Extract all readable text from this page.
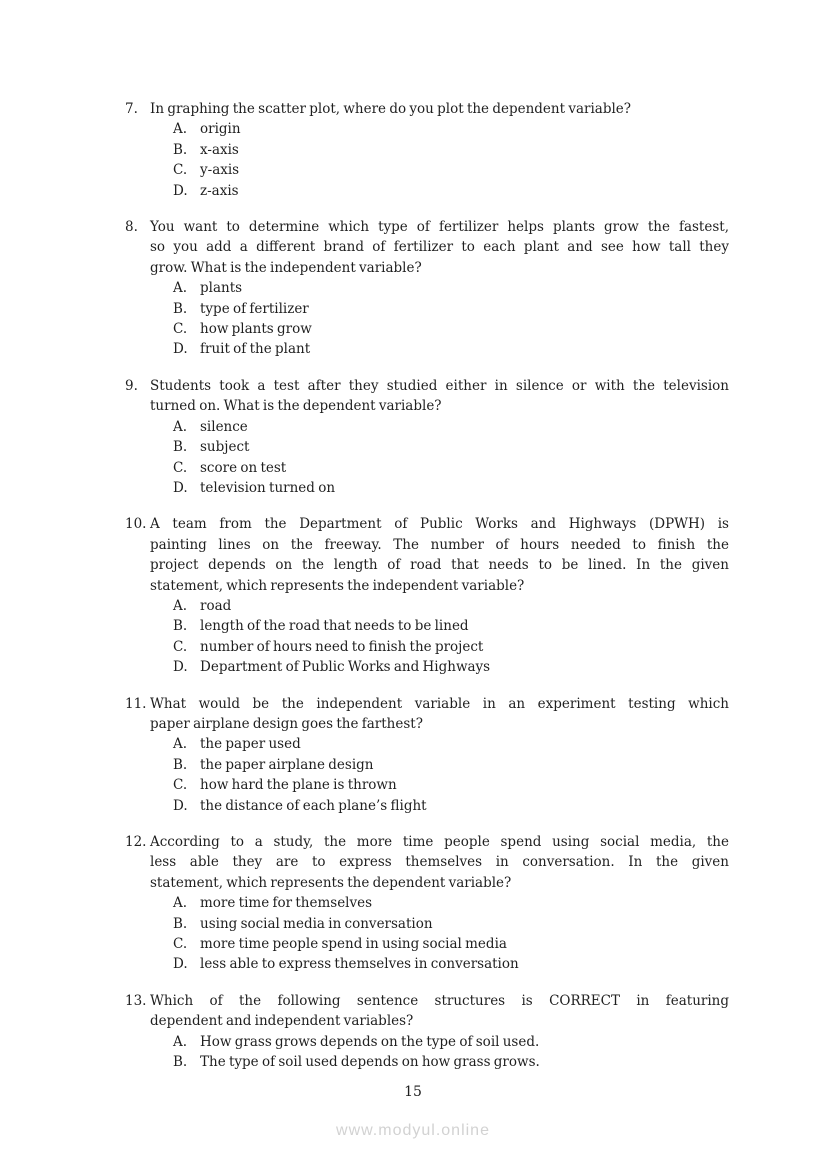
7. In graphing the scatter plot, where do you plot the dependent variable?
A. origin
B. x-axis
C. y-axis
D. z-axis
8. You want to determine which type of fertilizer helps plants grow the fastest,
so you add a different brand of fertilizer to each plant and see how tall they
grow. What is the independent variable?
A. plants
B. type of fertilizer
C. how plants grow
D. fruit of the plant
9. Students took a test after they studied either in silence or with the television
turned on. What is the dependent variable?
A. silence
B. subject
C. score on test
D. television turned on
10. A team from the Department of Public Works and Highways (DPWH) is
painting lines on the freeway. The number of hours needed to finish the
project depends on the length of road that needs to be lined. In the given
statement, which represents the independent variable?
A. road
B. length of the road that needs to be lined
C. number of hours need to finish the project
D. Department of Public Works and Highways
11. What would be the independent variable in an experiment testing which
paper airplane design goes the farthest?
A. the paper used
B. the paper airplane design
C. how hard the plane is thrown
D. the distance of each plane’s flight
12. According to a study, the more time people spend using social media, the
less able they are to express themselves in conversation. In the given
statement, which represents the dependent variable?
A. more time for themselves
B. using social media in conversation
C. more time people spend in using social media
D. less able to express themselves in conversation
13. Which of the following sentence structures is CORRECT in featuring
dependent and independent variables?
A. How grass grows depends on the type of soil used.
B. The type of soil used depends on how grass grows.
15
www.modyul.online
